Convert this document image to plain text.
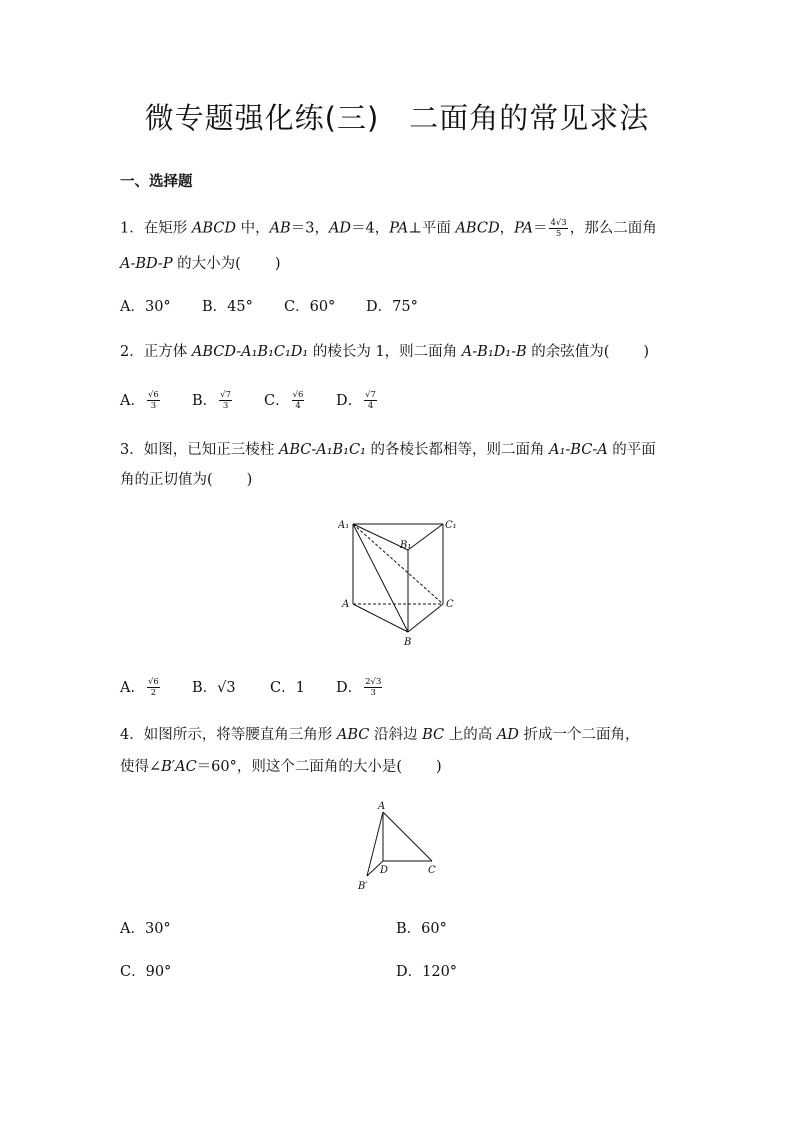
微专题强化练(三)　二面角的常见求法
一、选择题
1．在矩形 ABCD 中，AB＝3，AD＝4，PA⊥平面 ABCD，$PA= \frac{4√3}{5}$ ，那么二面角
A-BD-P 的大小为( )
A．30°	B．45°	C．60°	D．75°
2．正方体 ABCD-A₁B₁C₁D₁ 的棱长为 1，则二面角 A-B₁D₁-B 的余弦值为( )
A． $\frac{√6}{3}$ B． $\frac{√7}{3}$ C． $\frac{√6}{4}$ D． $\frac{√7}{4}$
3．如图，已知正三棱柱 ABC-A₁B₁C₁ 的各棱长都相等，则二面角 A₁-BC-A 的平面
角的正切值为( )
A₁	C₁
B₁
A	C
B
A． $\frac{√6}{2}$ B． √3 C． 1 D． $\frac{2√3}{3}$
4．如图所示，将等腰直角三角形 ABC 沿斜边 BC 上的高 AD 折成一个二面角，
使得∠B′AC＝60°，则这个二面角的大小是( )
A
D	C
B′
A．30°	B．60°
C．90°	D．120°
